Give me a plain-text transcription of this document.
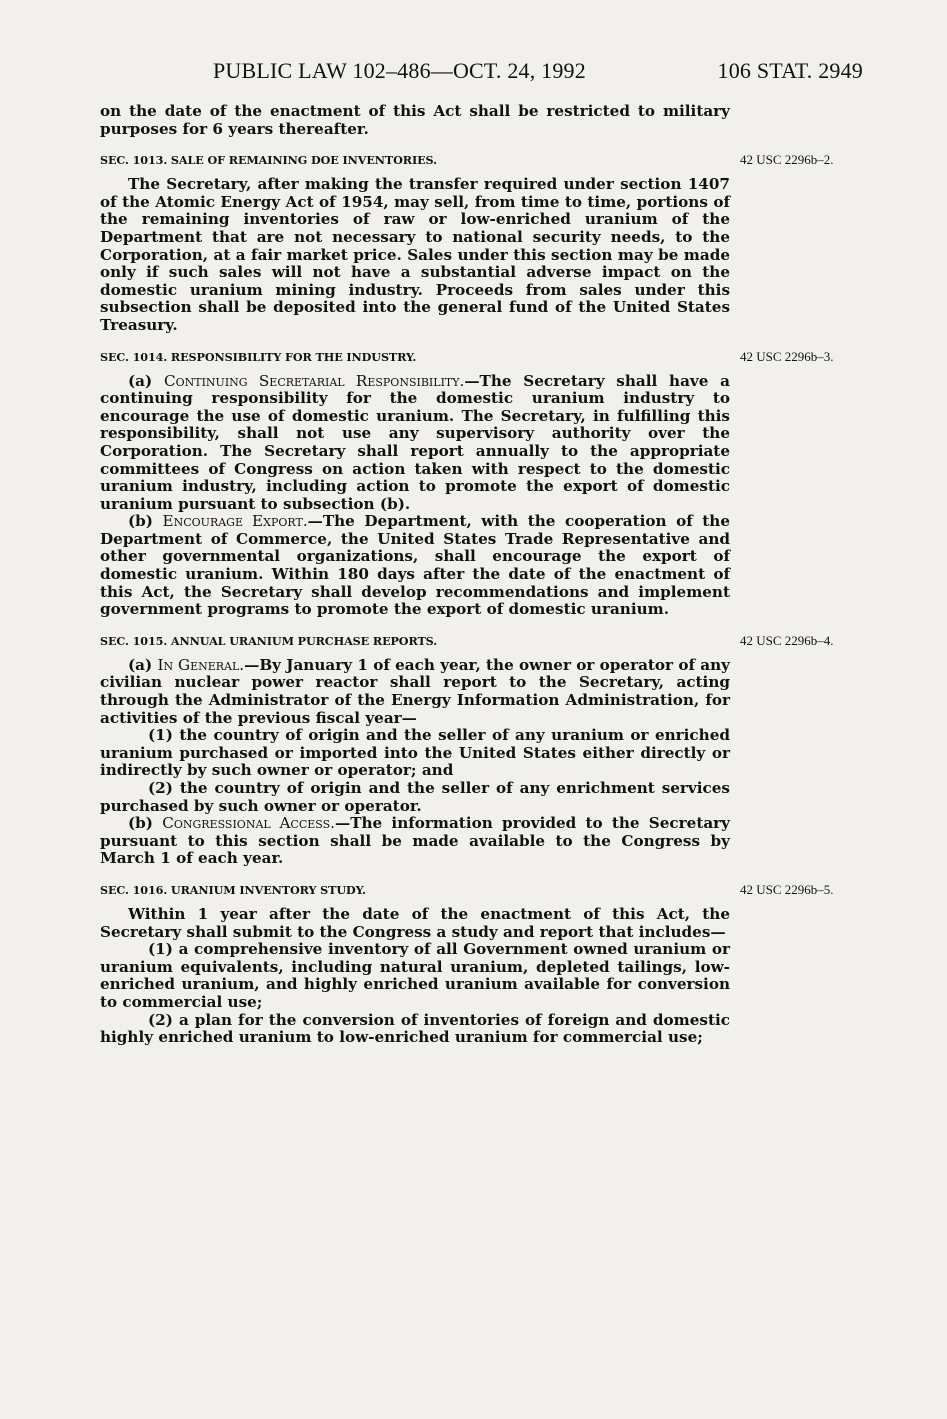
PUBLIC LAW 102–486—OCT. 24, 1992	106 STAT. 2949

on the date of the enactment of this Act shall be restricted to military purposes for 6 years thereafter.

SEC. 1013. SALE OF REMAINING DOE INVENTORIES.	42 USC 2296b–2.

The Secretary, after making the transfer required under section 1407 of the Atomic Energy Act of 1954, may sell, from time to time, portions of the remaining inventories of raw or low-enriched uranium of the Department that are not necessary to national security needs, to the Corporation, at a fair market price. Sales under this section may be made only if such sales will not have a substantial adverse impact on the domestic uranium mining industry. Proceeds from sales under this subsection shall be deposited into the general fund of the United States Treasury.

SEC. 1014. RESPONSIBILITY FOR THE INDUSTRY.	42 USC 2296b–3.

(a) Continuing Secretarial Responsibility.—The Secretary shall have a continuing responsibility for the domestic uranium industry to encourage the use of domestic uranium. The Secretary, in fulfilling this responsibility, shall not use any supervisory authority over the Corporation. The Secretary shall report annually to the appropriate committees of Congress on action taken with respect to the domestic uranium industry, including action to promote the export of domestic uranium pursuant to subsection (b).

(b) Encourage Export.—The Department, with the cooperation of the Department of Commerce, the United States Trade Representative and other governmental organizations, shall encourage the export of domestic uranium. Within 180 days after the date of the enactment of this Act, the Secretary shall develop recommendations and implement government programs to promote the export of domestic uranium.

SEC. 1015. ANNUAL URANIUM PURCHASE REPORTS.	42 USC 2296b–4.

(a) In General.—By January 1 of each year, the owner or operator of any civilian nuclear power reactor shall report to the Secretary, acting through the Administrator of the Energy Information Administration, for activities of the previous fiscal year—

(1) the country of origin and the seller of any uranium or enriched uranium purchased or imported into the United States either directly or indirectly by such owner or operator; and

(2) the country of origin and the seller of any enrichment services purchased by such owner or operator.

(b) Congressional Access.—The information provided to the Secretary pursuant to this section shall be made available to the Congress by March 1 of each year.

SEC. 1016. URANIUM INVENTORY STUDY.	42 USC 2296b–5.

Within 1 year after the date of the enactment of this Act, the Secretary shall submit to the Congress a study and report that includes—

(1) a comprehensive inventory of all Government owned uranium or uranium equivalents, including natural uranium, depleted tailings, low-enriched uranium, and highly enriched uranium available for conversion to commercial use;

(2) a plan for the conversion of inventories of foreign and domestic highly enriched uranium to low-enriched uranium for commercial use;
